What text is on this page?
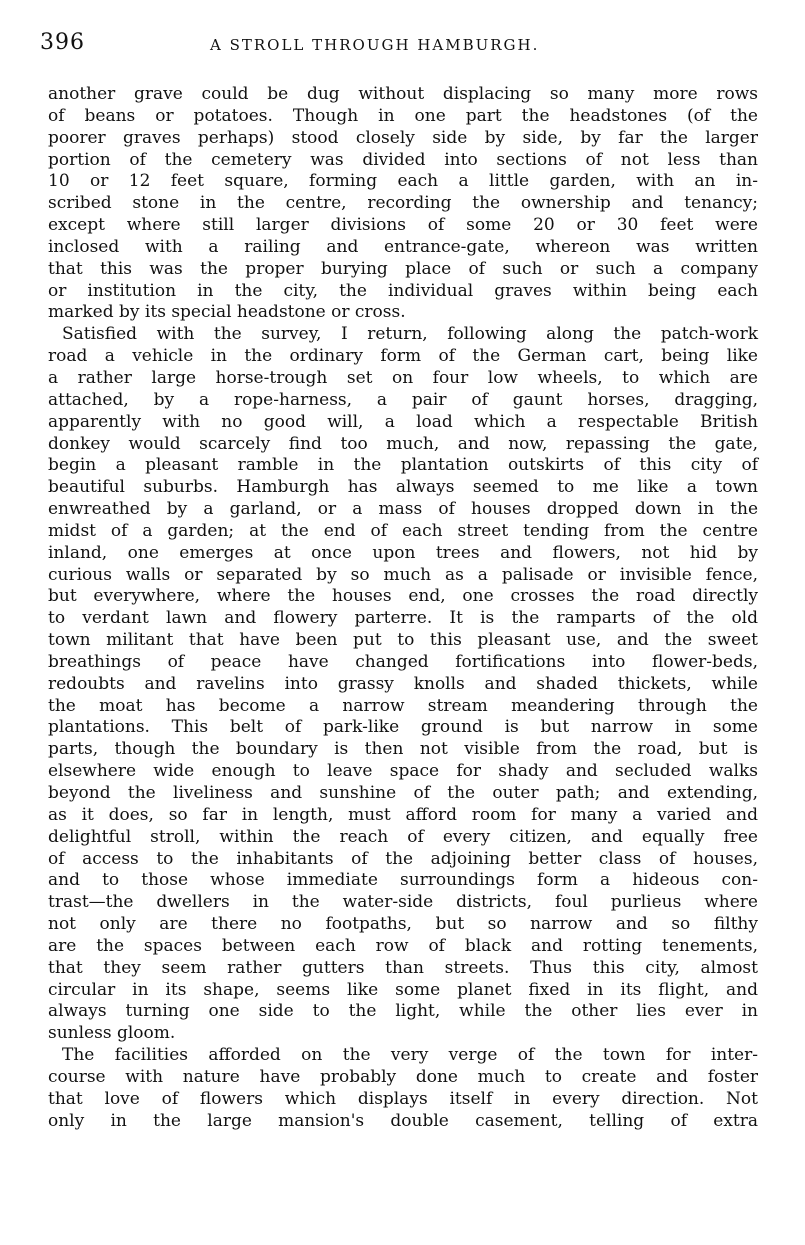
396	A STROLL THROUGH HAMBURGH.
another grave could be dug without displacing so many more rows
of beans or potatoes. Though in one part the headstones (of the
poorer graves perhaps) stood closely side by side, by far the larger
portion of the cemetery was divided into sections of not less than
10 or 12 feet square, forming each a little garden, with an in-
scribed stone in the centre, recording the ownership and tenancy;
except where still larger divisions of some 20 or 30 feet were
inclosed with a railing and entrance-gate, whereon was written
that this was the proper burying place of such or such a company
or institution in the city, the individual graves within being each
marked by its special headstone or cross.
Satisfied with the survey, I return, following along the patch-work
road a vehicle in the ordinary form of the German cart, being like
a rather large horse-trough set on four low wheels, to which are
attached, by a rope-harness, a pair of gaunt horses, dragging,
apparently with no good will, a load which a respectable British
donkey would scarcely find too much, and now, repassing the gate,
begin a pleasant ramble in the plantation outskirts of this city of
beautiful suburbs. Hamburgh has always seemed to me like a town
enwreathed by a garland, or a mass of houses dropped down in the
midst of a garden; at the end of each street tending from the centre
inland, one emerges at once upon trees and flowers, not hid by
curious walls or separated by so much as a palisade or invisible fence,
but everywhere, where the houses end, one crosses the road directly
to verdant lawn and flowery parterre. It is the ramparts of the old
town militant that have been put to this pleasant use, and the sweet
breathings of peace have changed fortifications into flower-beds,
redoubts and ravelins into grassy knolls and shaded thickets, while
the moat has become a narrow stream meandering through the
plantations. This belt of park-like ground is but narrow in some
parts, though the boundary is then not visible from the road, but is
elsewhere wide enough to leave space for shady and secluded walks
beyond the liveliness and sunshine of the outer path; and extending,
as it does, so far in length, must afford room for many a varied and
delightful stroll, within the reach of every citizen, and equally free
of access to the inhabitants of the adjoining better class of houses,
and to those whose immediate surroundings form a hideous con-
trast—the dwellers in the water-side districts, foul purlieus where
not only are there no footpaths, but so narrow and so filthy
are the spaces between each row of black and rotting tenements,
that they seem rather gutters than streets. Thus this city, almost
circular in its shape, seems like some planet fixed in its flight, and
always turning one side to the light, while the other lies ever in
sunless gloom.
The facilities afforded on the very verge of the town for inter-
course with nature have probably done much to create and foster
that love of flowers which displays itself in every direction. Not
only in the large mansion's double casement, telling of extra
